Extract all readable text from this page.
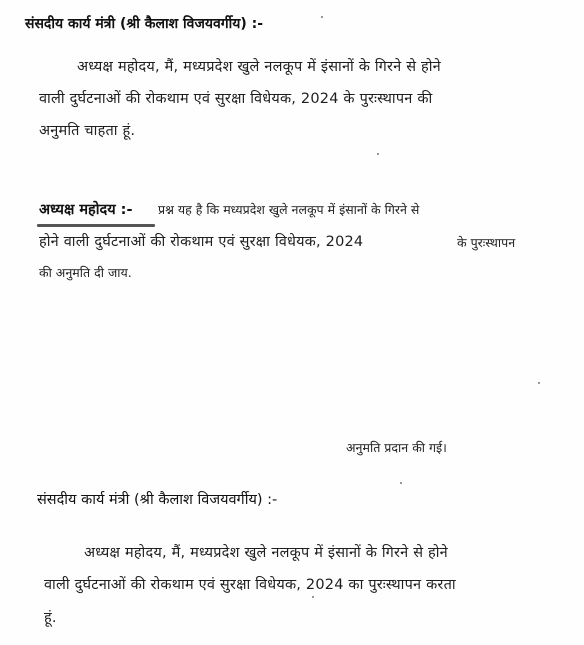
संसदीय कार्य मंत्री (श्री कैलाश विजयवर्गीय) :-
अध्यक्ष महोदय, मैं, मध्यप्रदेश खुले नलकूप में इंसानों के गिरने से होने
वाली दुर्घटनाओं की रोकथाम एवं सुरक्षा विधेयक, 2024 के पुरःस्थापन की
अनुमति चाहता हूं.
अध्यक्ष महोदय :- प्रश्न यह है कि मध्यप्रदेश खुले नलकूप में इंसानों के गिरने से
होने वाली दुर्घटनाओं की रोकथाम एवं सुरक्षा विधेयक, 2024	के पुरःस्थापन
की अनुमति दी जाय.
अनुमति प्रदान की गई।
संसदीय कार्य मंत्री (श्री कैलाश विजयवर्गीय) :-
अध्यक्ष महोदय, मैं, मध्यप्रदेश खुले नलकूप में इंसानों के गिरने से होने
वाली दुर्घटनाओं की रोकथाम एवं सुरक्षा विधेयक, 2024 का पुरःस्थापन करता
हूं.
